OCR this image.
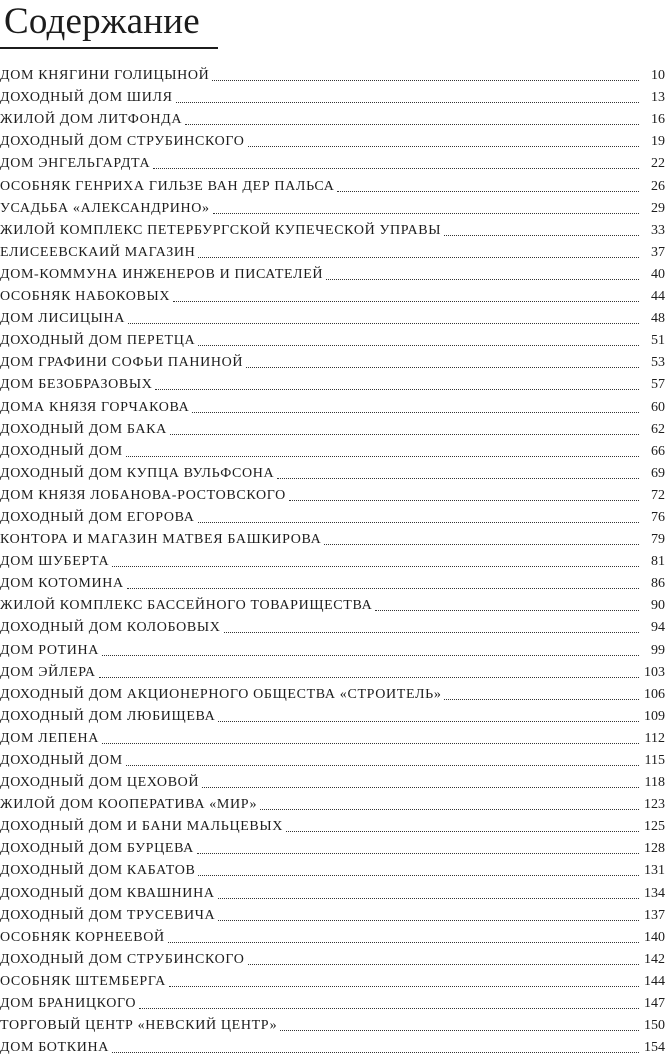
Содержание
ДОМ КНЯГИНИ ГОЛИЦЫНОЙ	10
ДОХОДНЫЙ ДОМ ШИЛЯ	13
ЖИЛОЙ ДОМ ЛИТФОНДА	16
ДОХОДНЫЙ ДОМ СТРУБИНСКОГО	19
ДОМ ЭНГЕЛЬГАРДТА	22
ОСОБНЯК ГЕНРИХА ГИЛЬЗЕ ВАН ДЕР ПАЛЬСА	26
УСАДЬБА «АЛЕКСАНДРИНО»	29
ЖИЛОЙ КОМПЛЕКС ПЕТЕРБУРГСКОЙ КУПЕЧЕСКОЙ УПРАВЫ	33
ЕЛИСЕЕВСКАИЙ МАГАЗИН	37
ДОМ-КОММУНА ИНЖЕНЕРОВ И ПИСАТЕЛЕЙ	40
ОСОБНЯК НАБОКОВЫХ	44
ДОМ ЛИСИЦЫНА	48
ДОХОДНЫЙ ДОМ ПЕРЕТЦА	51
ДОМ ГРАФИНИ СОФЬИ ПАНИНОЙ	53
ДОМ БЕЗОБРАЗОВЫХ	57
ДОМА КНЯЗЯ ГОРЧАКОВА	60
ДОХОДНЫЙ ДОМ БАКА	62
ДОХОДНЫЙ ДОМ	66
ДОХОДНЫЙ ДОМ КУПЦА ВУЛЬФСОНА	69
ДОМ КНЯЗЯ ЛОБАНОВА-РОСТОВСКОГО	72
ДОХОДНЫЙ ДОМ ЕГОРОВА	76
КОНТОРА И МАГАЗИН МАТВЕЯ БАШКИРОВА	79
ДОМ ШУБЕРТА	81
ДОМ КОТОМИНА	86
ЖИЛОЙ КОМПЛЕКС БАССЕЙНОГО ТОВАРИЩЕСТВА	90
ДОХОДНЫЙ ДОМ КОЛОБОВЫХ	94
ДОМ РОТИНА	99
ДОМ ЭЙЛЕРА	103
ДОХОДНЫЙ ДОМ АКЦИОНЕРНОГО ОБЩЕСТВА «СТРОИТЕЛЬ»	106
ДОХОДНЫЙ ДОМ ЛЮБИЩЕВА	109
ДОМ ЛЕПЕНА	112
ДОХОДНЫЙ ДОМ	115
ДОХОДНЫЙ ДОМ ЦЕХОВОЙ	118
ЖИЛОЙ ДОМ КООПЕРАТИВА «МИР»	123
ДОХОДНЫЙ ДОМ И БАНИ МАЛЬЦЕВЫХ	125
ДОХОДНЫЙ ДОМ БУРЦЕВА	128
ДОХОДНЫЙ ДОМ КАБАТОВ	131
ДОХОДНЫЙ ДОМ КВАШНИНА	134
ДОХОДНЫЙ ДОМ ТРУСЕВИЧА	137
ОСОБНЯК КОРНЕЕВОЙ	140
ДОХОДНЫЙ ДОМ СТРУБИНСКОГО	142
ОСОБНЯК ШТЕМБЕРГА	144
ДОМ БРАНИЦКОГО	147
ТОРГОВЫЙ ЦЕНТР «НЕВСКИЙ ЦЕНТР»	150
ДОМ БОТКИНА	154
